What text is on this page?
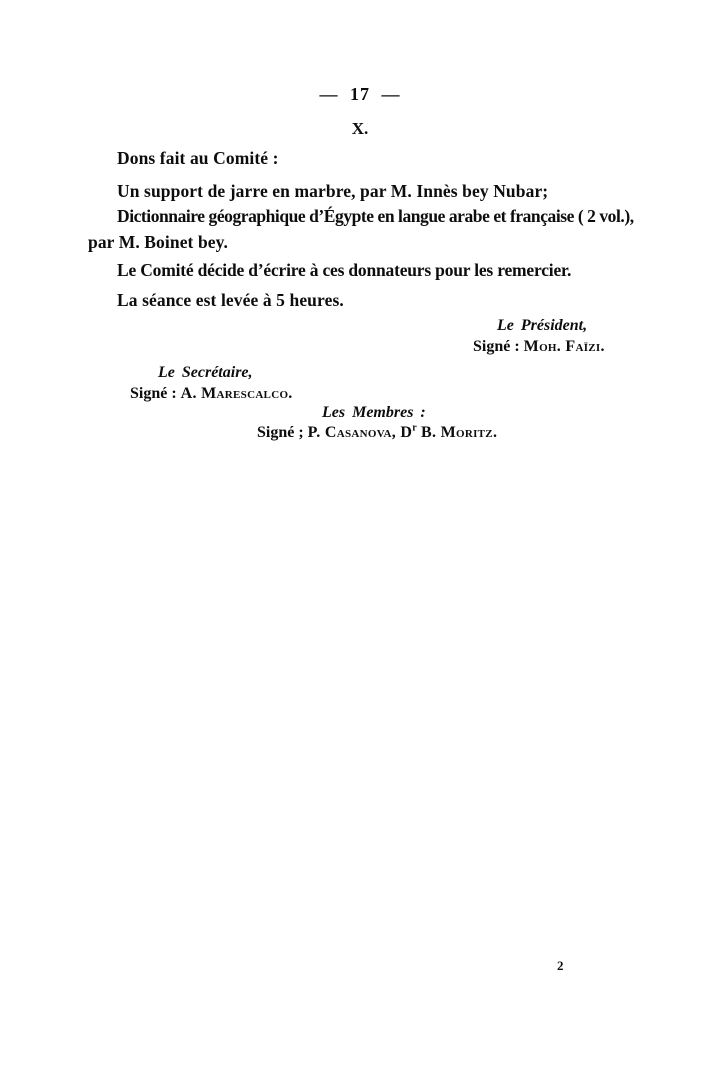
— 17 —
X.
Dons fait au Comité :
Un support de jarre en marbre, par M. Innès bey Nubar;
Dictionnaire géographique d’Égypte en langue arabe et française ( 2 vol.),
par M. Boinet bey.
Le Comité décide d’écrire à ces donnateurs pour les remercier.
La séance est levée à 5 heures.
Le Président,
Signé : Moh. Faïzi.
Le Secrétaire,
Signé : A. Marescalco.
Les Membres :
Signé ; P. Casanova, $D^r$ B. Moritz.
2
